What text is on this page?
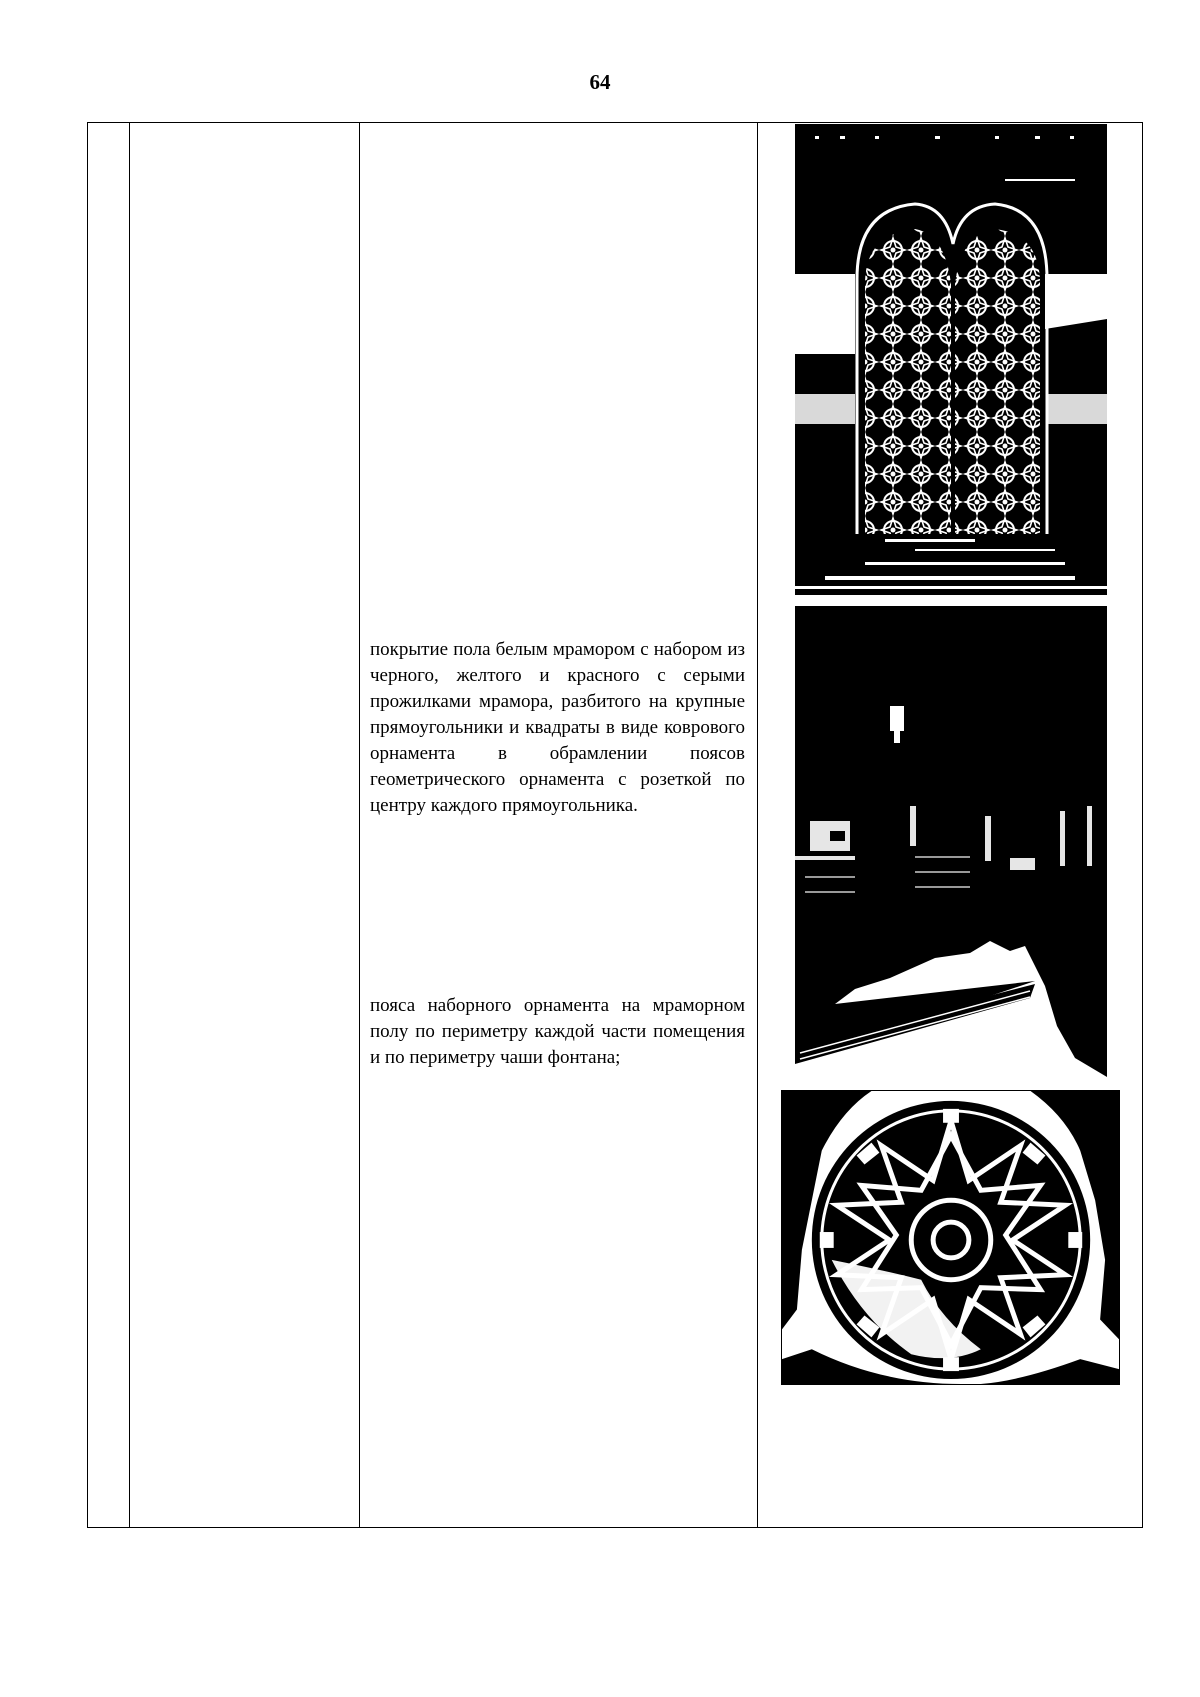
64
покрытие пола белым мрамором с набором из черного, желтого и красного с серыми прожилками мрамора, разбитого на крупные прямоугольники и квадраты в виде коврового орнамента в обрамлении поясов геометрического орнамента с розеткой по центру каждого прямоугольника.
пояса наборного орнамента на мраморном полу по периметру каждой части помещения и по периметру чаши фонтана;
